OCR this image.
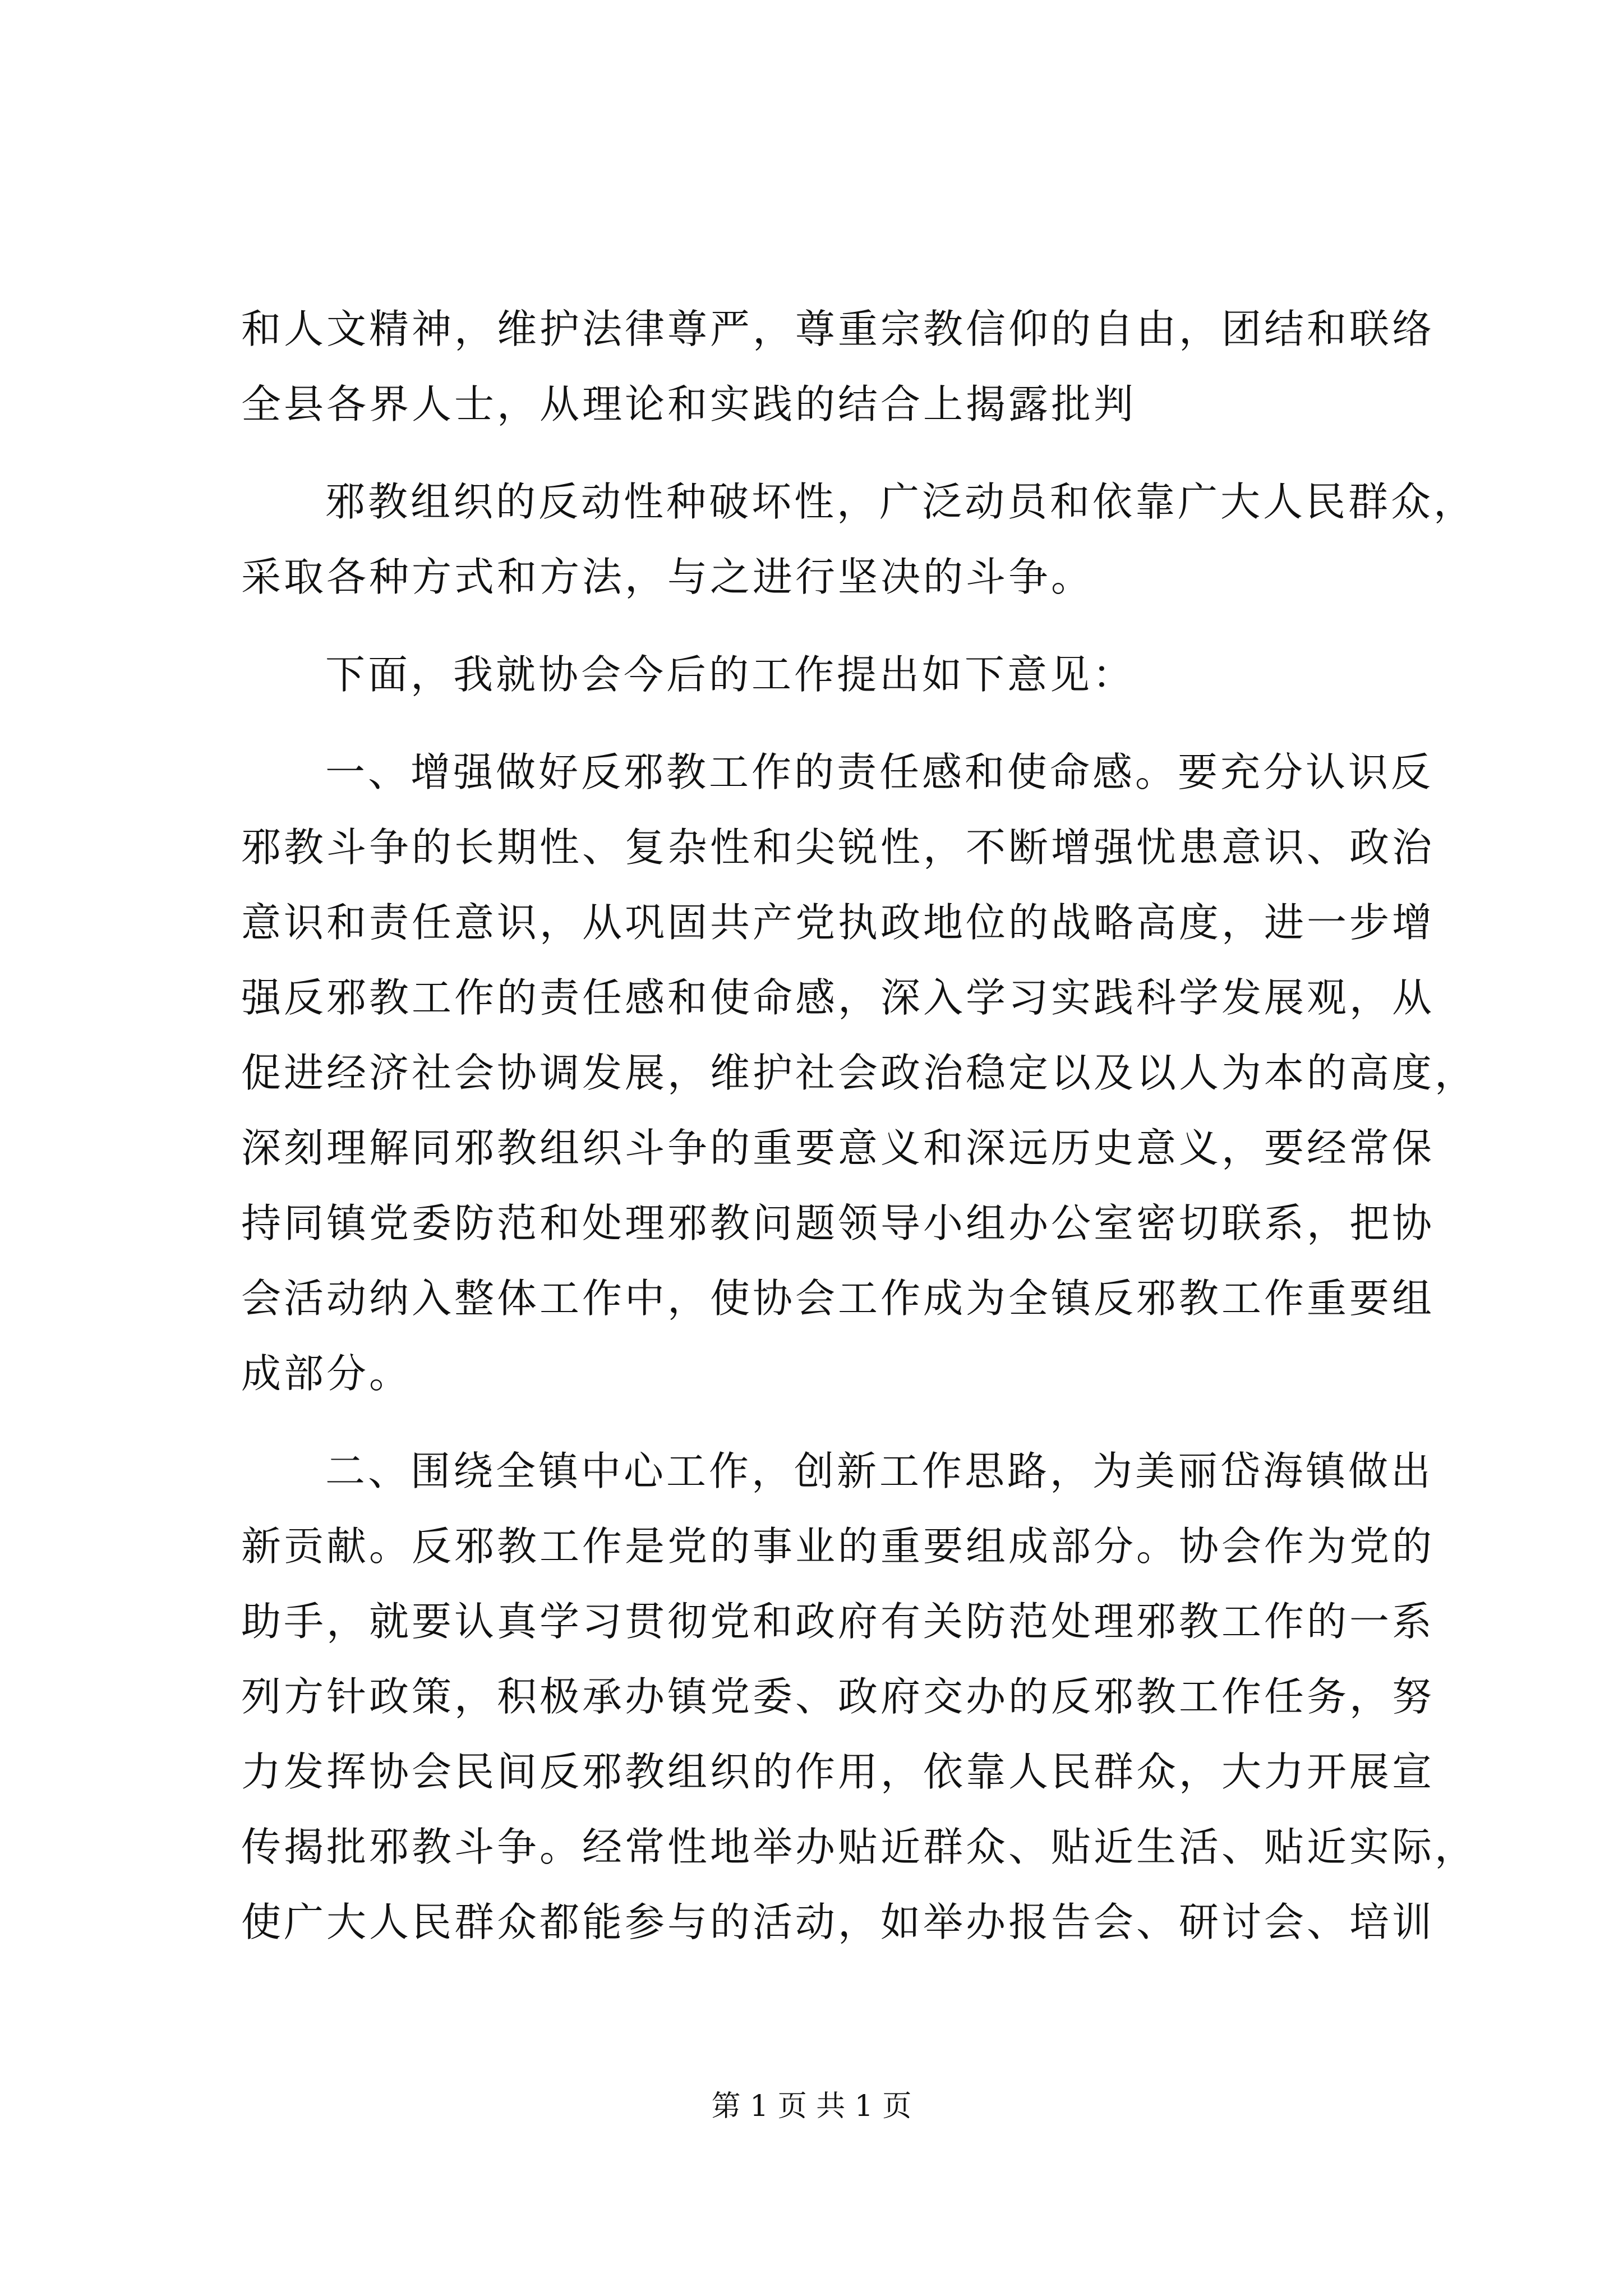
和人文精神，维护法律尊严，尊重宗教信仰的自由，团结和联络
全县各界人士，从理论和实践的结合上揭露批判
邪教组织的反动性种破坏性，广泛动员和依靠广大人民群众，
采取各种方式和方法，与之进行坚决的斗争。
下面，我就协会今后的工作提出如下意见：
一、增强做好反邪教工作的责任感和使命感。要充分认识反
邪教斗争的长期性、复杂性和尖锐性，不断增强忧患意识、政治
意识和责任意识，从巩固共产党执政地位的战略高度，进一步增
强反邪教工作的责任感和使命感，深入学习实践科学发展观，从
促进经济社会协调发展，维护社会政治稳定以及以人为本的高度，
深刻理解同邪教组织斗争的重要意义和深远历史意义，要经常保
持同镇党委防范和处理邪教问题领导小组办公室密切联系，把协
会活动纳入整体工作中，使协会工作成为全镇反邪教工作重要组
成部分。
二、围绕全镇中心工作，创新工作思路，为美丽岱海镇做出
新贡献。反邪教工作是党的事业的重要组成部分。协会作为党的
助手，就要认真学习贯彻党和政府有关防范处理邪教工作的一系
列方针政策，积极承办镇党委、政府交办的反邪教工作任务，努
力发挥协会民间反邪教组织的作用，依靠人民群众，大力开展宣
传揭批邪教斗争。经常性地举办贴近群众、贴近生活、贴近实际，
使广大人民群众都能参与的活动，如举办报告会、研讨会、培训
第 1 页 共 1 页
